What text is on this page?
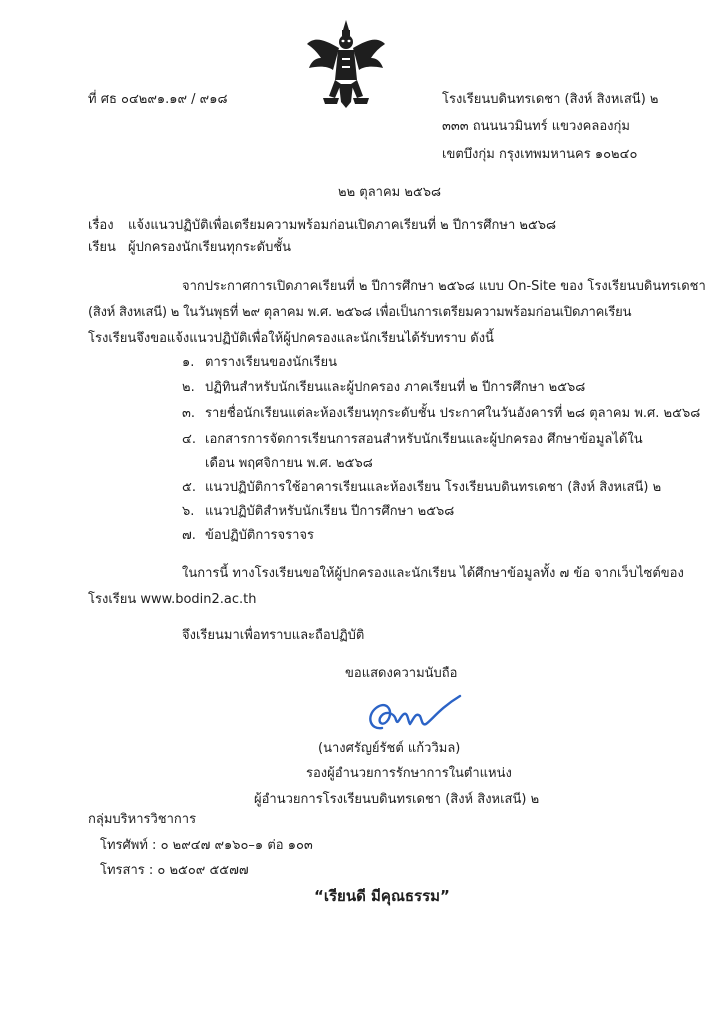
ที่ ศธ ๐๔๒๙๑.๑๙ / ๙๑๘	โรงเรียนบดินทรเดชา (สิงห์ สิงหเสนี) ๒
๓๓๓ ถนนนวมินทร์ แขวงคลองกุ่ม
เขตบึงกุ่ม กรุงเทพมหานคร ๑๐๒๔๐
๒๒ ตุลาคม ๒๕๖๘
เรื่อง แจ้งแนวปฏิบัติเพื่อเตรียมความพร้อมก่อนเปิดภาคเรียนที่ ๒ ปีการศึกษา ๒๕๖๘
เรียน ผู้ปกครองนักเรียนทุกระดับชั้น
จากประกาศการเปิดภาคเรียนที่ ๒ ปีการศึกษา ๒๕๖๘ แบบ On-Site ของ โรงเรียนบดินทรเดชา
(สิงห์ สิงหเสนี) ๒ ในวันพุธที่ ๒๙ ตุลาคม พ.ศ. ๒๕๖๘ เพื่อเป็นการเตรียมความพร้อมก่อนเปิดภาคเรียน
โรงเรียนจึงขอแจ้งแนวปฏิบัติเพื่อให้ผู้ปกครองและนักเรียนได้รับทราบ ดังนี้
๑. ตารางเรียนของนักเรียน
๒. ปฏิทินสำหรับนักเรียนและผู้ปกครอง ภาคเรียนที่ ๒ ปีการศึกษา ๒๕๖๘
๓. รายชื่อนักเรียนแต่ละห้องเรียนทุกระดับชั้น ประกาศในวันอังคารที่ ๒๘ ตุลาคม พ.ศ. ๒๕๖๘
๔. เอกสารการจัดการเรียนการสอนสำหรับนักเรียนและผู้ปกครอง ศึกษาข้อมูลได้ใน
เดือน พฤศจิกายน พ.ศ. ๒๕๖๘
๕. แนวปฏิบัติการใช้อาคารเรียนและห้องเรียน โรงเรียนบดินทรเดชา (สิงห์ สิงหเสนี) ๒
๖. แนวปฏิบัติสำหรับนักเรียน ปีการศึกษา ๒๕๖๘
๗. ข้อปฏิบัติการจราจร
ในการนี้ ทางโรงเรียนขอให้ผู้ปกครองและนักเรียน ได้ศึกษาข้อมูลทั้ง ๗ ข้อ จากเว็บไซต์ของ
โรงเรียน www.bodin2.ac.th
จึงเรียนมาเพื่อทราบและถือปฏิบัติ
ขอแสดงความนับถือ
(นางศรัญย์รัชต์ แก้ววิมล)
รองผู้อำนวยการรักษาการในตำแหน่ง
ผู้อำนวยการโรงเรียนบดินทรเดชา (สิงห์ สิงหเสนี) ๒
กลุ่มบริหารวิชาการ
โทรศัพท์ : ๐ ๒๙๔๗ ๙๑๖๐–๑ ต่อ ๑๐๓
โทรสาร : ๐ ๒๕๐๙ ๕๕๗๗
“เรียนดี มีคุณธรรม”
